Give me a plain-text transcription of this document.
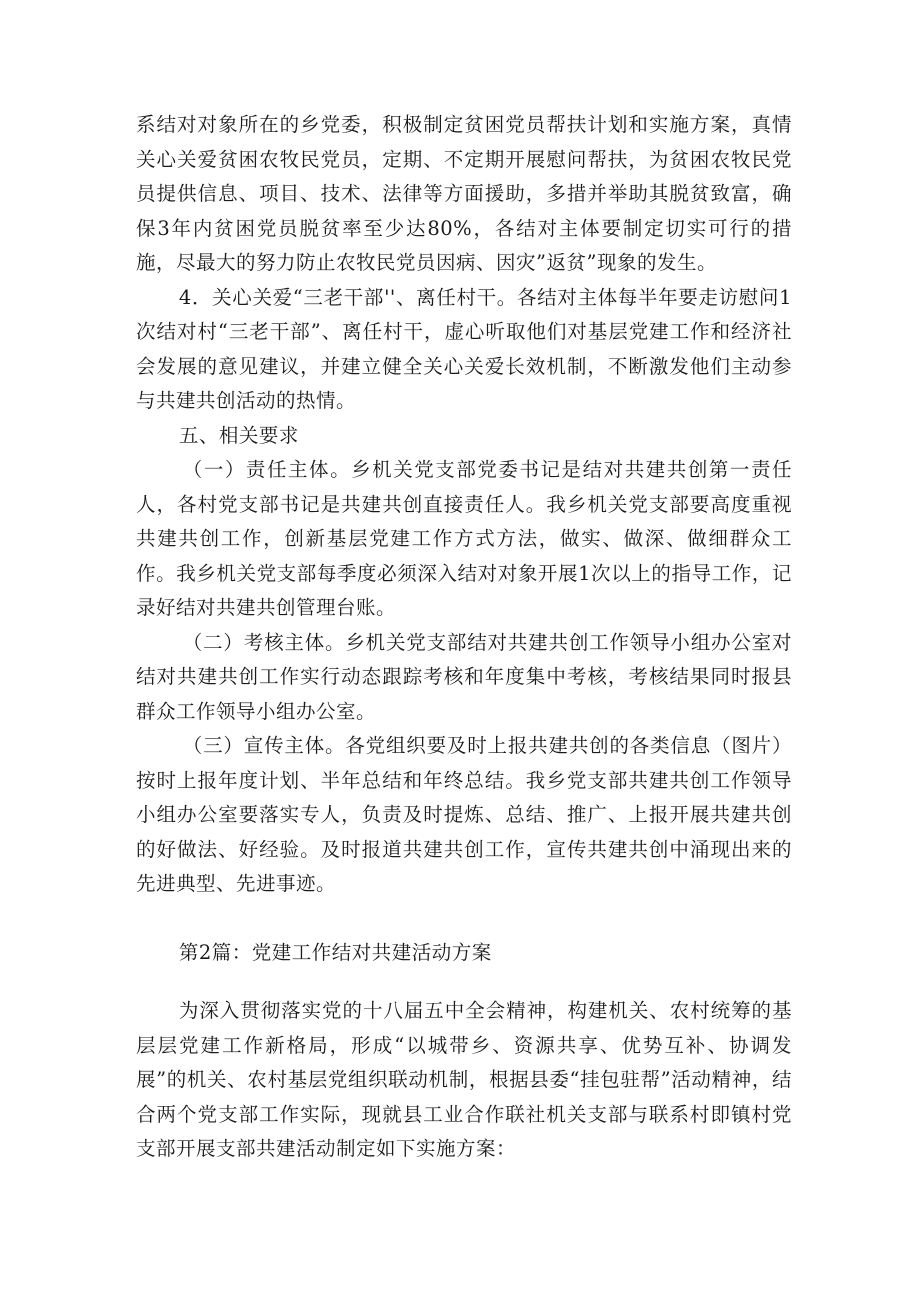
系结对对象所在的乡党委，积极制定贫困党员帮扶计划和实施方案，真情关心关爱贫困农牧民党员，定期、不定期开展慰问帮扶，为贫困农牧民党员提供信息、项目、技术、法律等方面援助，多措并举助其脱贫致富，确保3年内贫困党员脱贫率至少达80%，各结对主体要制定切实可行的措施，尽最大的努力防止农牧民党员因病、因灾”返贫”现象的发生。

4．关心关爱“三老干部''、离任村干。各结对主体每半年要走访慰问1次结对村“三老干部”、离任村干，虚心听取他们对基层党建工作和经济社会发展的意见建议，并建立健全关心关爱长效机制，不断激发他们主动参与共建共创活动的热情。

五、相关要求

（一）责任主体。乡机关党支部党委书记是结对共建共创第一责任人，各村党支部书记是共建共创直接责任人。我乡机关党支部要高度重视共建共创工作，创新基层党建工作方式方法，做实、做深、做细群众工作。我乡机关党支部每季度必须深入结对对象开展1次以上的指导工作，记录好结对共建共创管理台账。

（二）考核主体。乡机关党支部结对共建共创工作领导小组办公室对结对共建共创工作实行动态跟踪考核和年度集中考核，考核结果同时报县群众工作领导小组办公室。

（三）宣传主体。各党组织要及时上报共建共创的各类信息（图片）按时上报年度计划、半年总结和年终总结。我乡党支部共建共创工作领导小组办公室要落实专人，负责及时提炼、总结、推广、上报开展共建共创的好做法、好经验。及时报道共建共创工作，宣传共建共创中涌现出来的先进典型、先进事迹。

第2篇：党建工作结对共建活动方案

为深入贯彻落实党的十八届五中全会精神，构建机关、农村统筹的基层层党建工作新格局，形成“以城带乡、资源共享、优势互补、协调发展”的机关、农村基层党组织联动机制，根据县委“挂包驻帮”活动精神，结合两个党支部工作实际，现就县工业合作联社机关支部与联系村即镇村党支部开展支部共建活动制定如下实施方案：
